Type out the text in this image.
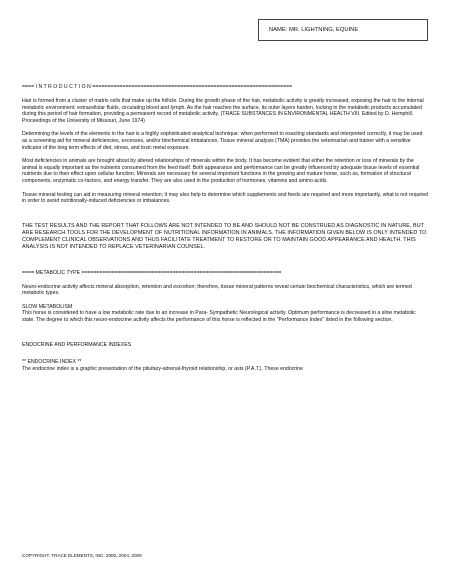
NAME: MR. LIGHTNING, EQUINE
==== I N T R O D U C T I O N ==================================================================

Hair is formed from a cluster of matrix cells that make up the follicle. During the growth phase of the hair, metabolic activity is greatly increased, exposing the hair to the internal metabolic environment; extracellular fluids, circulating blood and lymph. As the hair reaches the surface, its outer layers harden, locking in the metabolic products accumulated during this period of hair formation, providing a permanent record of metabolic activity. (TRACE SUBSTANCES IN ENVIRONMENTAL HEALTH VIII. Edited by D. Hemphill. Proceedings of the University of Missouri, June 1974)

Determining the levels of the elements in the hair is a highly sophisticated analytical technique: when performed to exacting standards and interpreted correctly, it may be used as a screening aid for mineral deficiencies, excesses, and/or biochemical imbalances. Tissue mineral analysis (TMA) provides the veterinarian and trainer with a sensitive indicator of the long term effects of diet, stress, and toxic metal exposure.

Most deficiencies in animals are brought about by altered relationships of minerals within the body. It has become evident that either the retention or loss of minerals by the animal is equally important as the nutrients consumed from the feed itself. Both appearance and performance can be greatly influenced by adequate tissue levels of essential nutrients due to their effect upon cellular function. Minerals are necessary for several important functions in the growing and mature horse, such as, formation of structural components, enzymatic co-factors, and energy transfer. They are also used in the production of hormones, vitamins and amino acids.

Tissue mineral testing can aid in measuring mineral retention; it may also help to determine which supplements and feeds are required and more importantly, what is not required in order to avoid nutritionally-induced deficiencies or imbalances.

THE TEST RESULTS AND THE REPORT THAT FOLLOWS ARE NOT INTENDED TO BE AND SHOULD NOT BE CONSTRUED AS DIAGNOSTIC IN NATURE, BUT ARE RESEARCH TOOLS FOR THE DEVELOPMENT OF NUTRITIONAL INFORMATION IN ANIMALS. THE INFORMATION GIVEN BELOW IS ONLY INTENDED TO COMPLEMENT CLINICAL OBSERVATIONS AND THUS FACILITATE TREATMENT TO RESTORE OR TO MAINTAIN GOOD APPEARANCE AND HEALTH. THIS ANALYSIS IS NOT INTENDED TO REPLACE VETERINARIAN COUNSEL.

==== METABOLIC TYPE ==================================================================

Neuro-endocrine activity affects mineral absorption, retention and excretion; therefore, tissue mineral patterns reveal certain biochemical characteristics, which are termed metabolic types.

SLOW METABOLISM

This horse is considered to have a low metabolic rate due to an increase in Para- Sympathetic Neurological activity. Optimum performance is decreased in a slow metabolic state. The degree to which this neuro-endocrine activity affects the performance of this horse is reflected in the "Performance Index" listed in the following section.

ENDOCRINE AND PERFORMANCE INDEXES

** ENDOCRINE INDEX **

The endocrine index is a graphic presentation of the pituitary-adrenal-thyroid relationship, or axis (P.A.T.). These endocrine

COPYRIGHT, TRACE ELEMENTS, INC. 2000, 2004, 2009
